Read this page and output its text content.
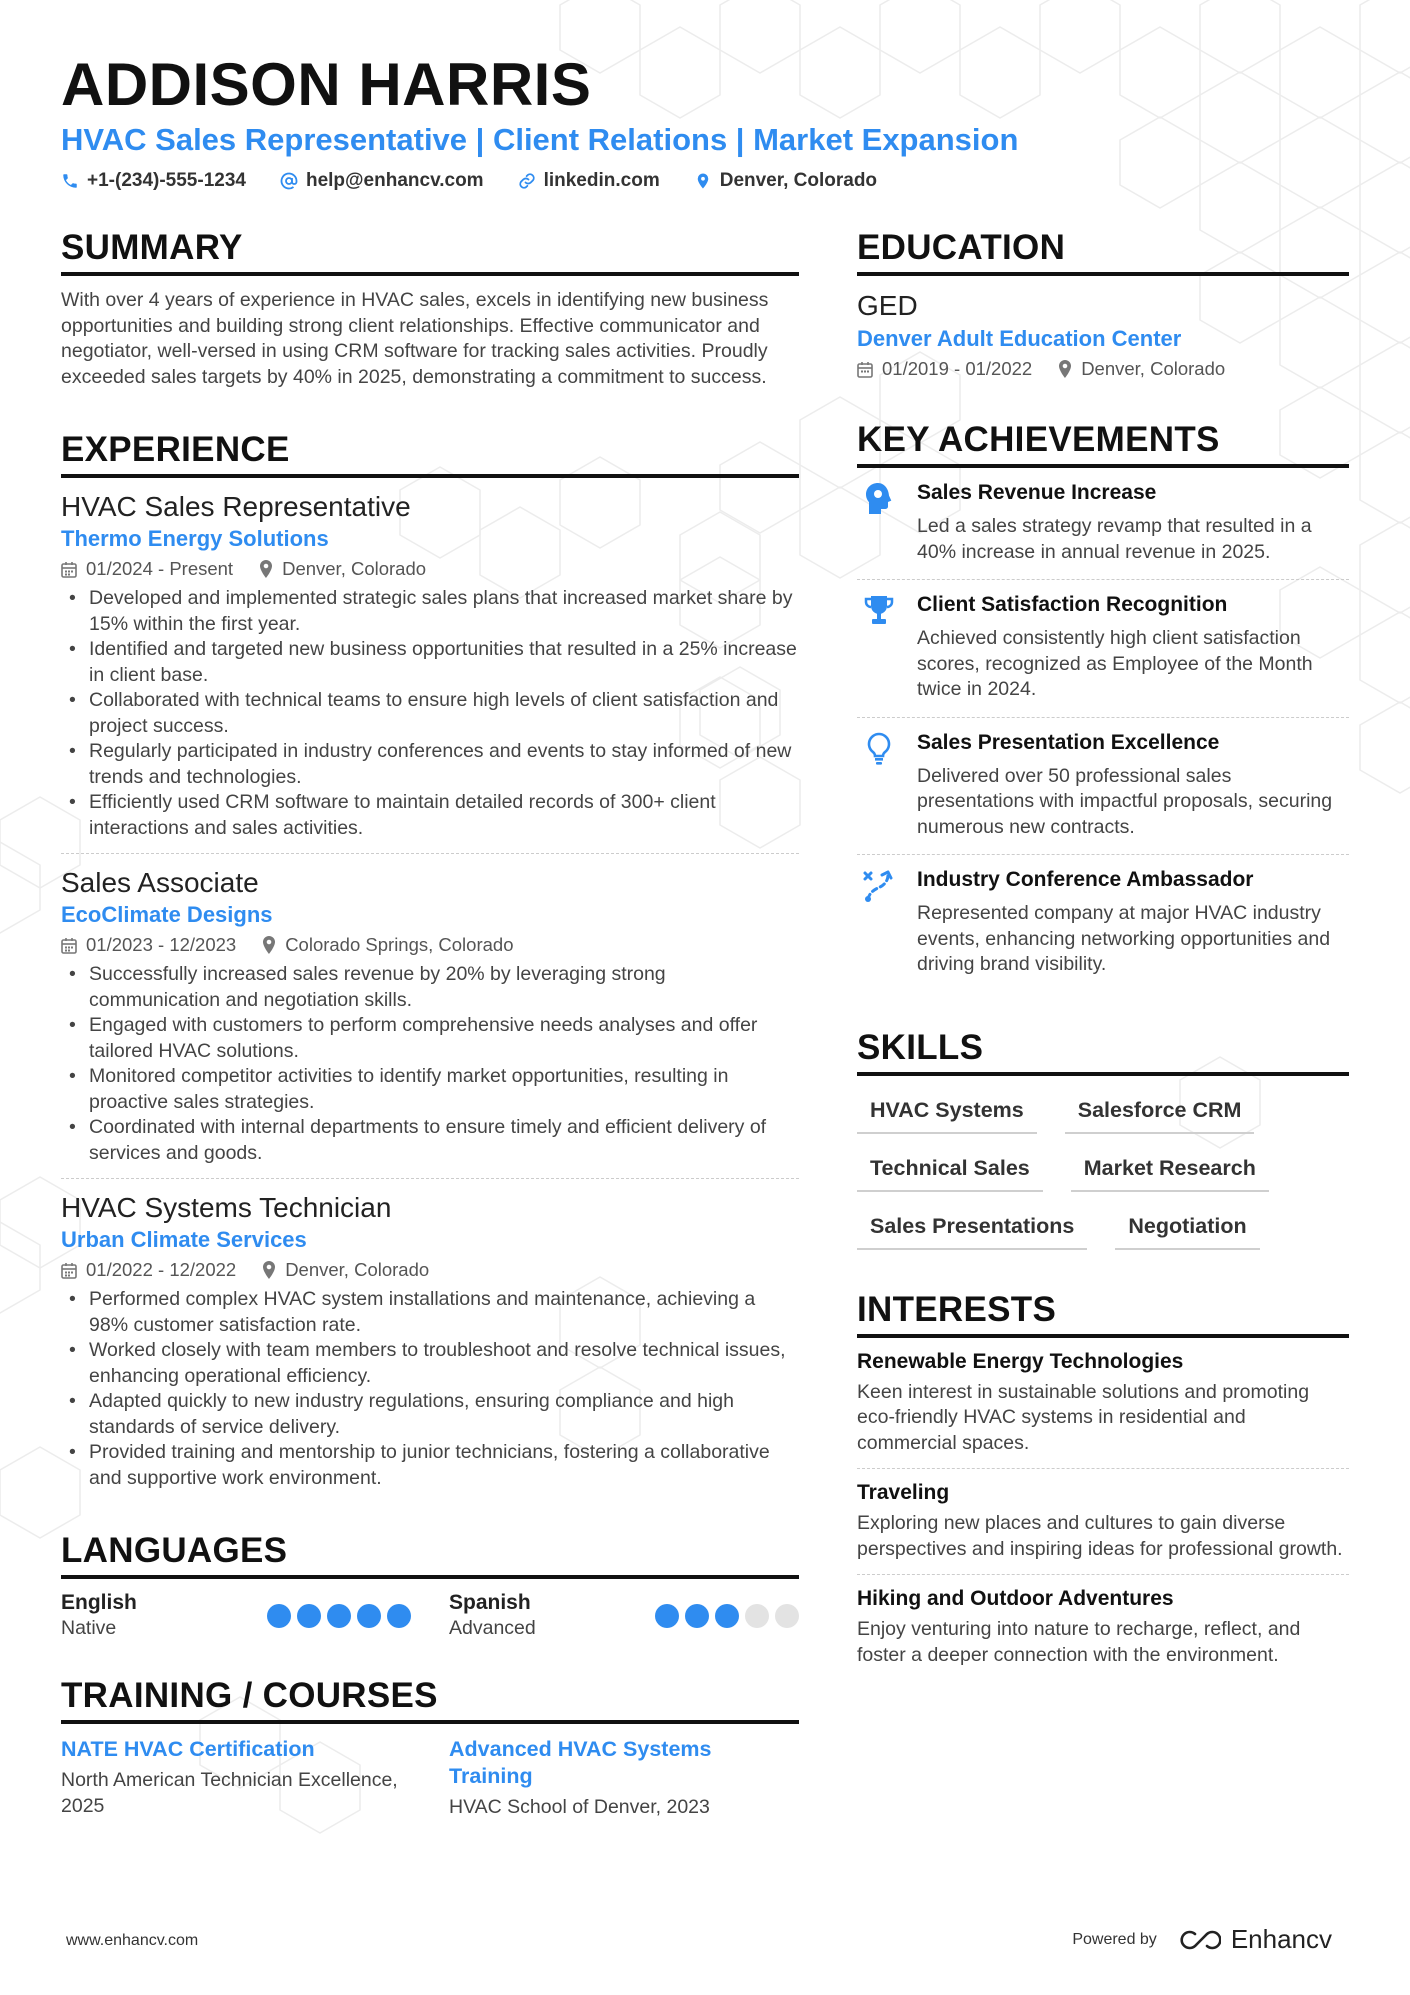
ADDISON HARRIS
HVAC Sales Representative | Client Relations | Market Expansion
+1-(234)-555-1234	help@enhancv.com	linkedin.com	Denver, Colorado
SUMMARY

With over 4 years of experience in HVAC sales, excels in identifying new business opportunities and building strong client relationships. Effective communicator and negotiator, well-versed in using CRM software for tracking sales activities. Proudly exceeded sales targets by 40% in 2025, demonstrating a commitment to success.

EXPERIENCE
HVAC Sales Representative
Thermo Energy Solutions
01/2024 - Present	Denver, Colorado
• Developed and implemented strategic sales plans that increased market share by 15% within the first year.
• Identified and targeted new business opportunities that resulted in a 25% increase in client base.
• Collaborated with technical teams to ensure high levels of client satisfaction and project success.
• Regularly participated in industry conferences and events to stay informed of new trends and technologies.
• Efficiently used CRM software to maintain detailed records of 300+ client interactions and sales activities.
Sales Associate
EcoClimate Designs
01/2023 - 12/2023	Colorado Springs, Colorado
• Successfully increased sales revenue by 20% by leveraging strong communication and negotiation skills.
• Engaged with customers to perform comprehensive needs analyses and offer tailored HVAC solutions.
• Monitored competitor activities to identify market opportunities, resulting in proactive sales strategies.
• Coordinated with internal departments to ensure timely and efficient delivery of services and goods.
HVAC Systems Technician
Urban Climate Services
01/2022 - 12/2022	Denver, Colorado
• Performed complex HVAC system installations and maintenance, achieving a 98% customer satisfaction rate.
• Worked closely with team members to troubleshoot and resolve technical issues, enhancing operational efficiency.
• Adapted quickly to new industry regulations, ensuring compliance and high standards of service delivery.
• Provided training and mentorship to junior technicians, fostering a collaborative and supportive work environment.
LANGUAGES
English
Native
Spanish
Advanced
TRAINING / COURSES
NATE HVAC Certification
North American Technician Excellence, 2025
Advanced HVAC Systems Training
HVAC School of Denver, 2023
EDUCATION
GED
Denver Adult Education Center
01/2019 - 01/2022	Denver, Colorado
KEY ACHIEVEMENTS
Sales Revenue Increase
Led a sales strategy revamp that resulted in a 40% increase in annual revenue in 2025.
Client Satisfaction Recognition
Achieved consistently high client satisfaction scores, recognized as Employee of the Month twice in 2024.
Sales Presentation Excellence
Delivered over 50 professional sales presentations with impactful proposals, securing numerous new contracts.
Industry Conference Ambassador
Represented company at major HVAC industry events, enhancing networking opportunities and driving brand visibility.
SKILLS
HVAC Systems	Salesforce CRM
Technical Sales	Market Research
Sales Presentations	Negotiation
INTERESTS
Renewable Energy Technologies
Keen interest in sustainable solutions and promoting eco-friendly HVAC systems in residential and commercial spaces.
Traveling
Exploring new places and cultures to gain diverse perspectives and inspiring ideas for professional growth.
Hiking and Outdoor Adventures
Enjoy venturing into nature to recharge, reflect, and foster a deeper connection with the environment.
www.enhancv.com	Powered by	Enhancv
